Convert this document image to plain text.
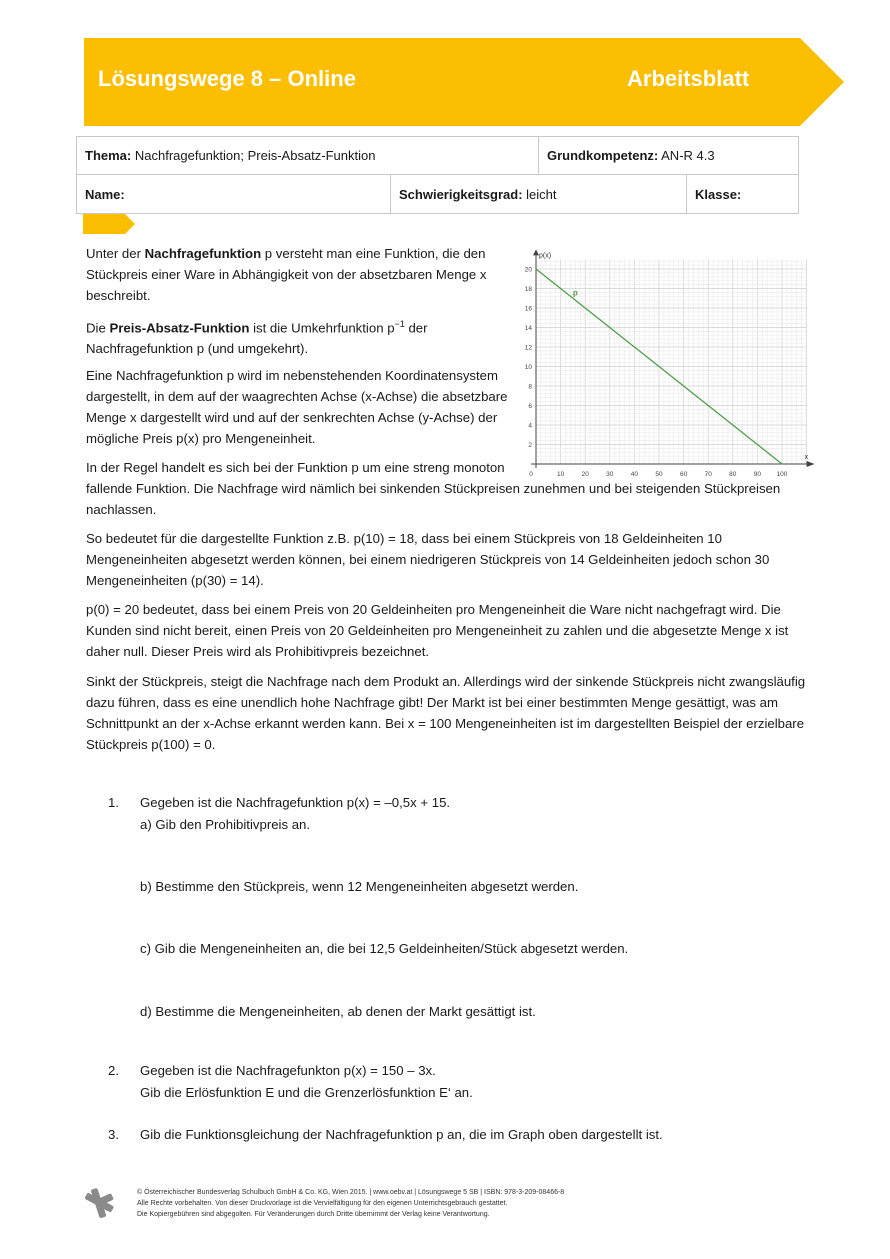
Lösungswege 8 – Online	Arbeitsblatt
Thema: Nachfragefunktion; Preis-Absatz-Funktion		Grundkompetenz: AN-R 4.3	
Name:	Schwierigkeitsgrad: leicht		Klasse:
Unter der Nachfragefunktion p versteht man eine Funktion, die den
Stückpreis einer Ware in Abhängigkeit von der absetzbaren Menge x
beschreibt.
Die Preis-Absatz-Funktion ist die Umkehrfunktion $p^{-1}$ der
Nachfragefunktion p (und umgekehrt).
Eine Nachfragefunktion p wird im nebenstehenden Koordinatensystem
dargestellt, in dem auf der waagrechten Achse (x-Achse) die absetzbare
Menge x dargestellt wird und auf der senkrechten Achse (y-Achse) der
mögliche Preis p(x) pro Mengeneinheit.
In der Regel handelt es sich bei der Funktion p um eine streng monoton
fallende Funktion. Die Nachfrage wird nämlich bei sinkenden Stückpreisen zunehmen und bei steigenden Stückpreisen
nachlassen.
So bedeutet für die dargestellte Funktion z.B. p(10) = 18, dass bei einem Stückpreis von 18 Geldeinheiten 10
Mengeneinheiten abgesetzt werden können, bei einem niedrigeren Stückpreis von 14 Geldeinheiten jedoch schon 30
Mengeneinheiten (p(30) = 14).
p(0) = 20 bedeutet, dass bei einem Preis von 20 Geldeinheiten pro Mengeneinheit die Ware nicht nachgefragt wird. Die
Kunden sind nicht bereit, einen Preis von 20 Geldeinheiten pro Mengeneinheit zu zahlen und die abgesetzte Menge x ist
daher null. Dieser Preis wird als Prohibitivpreis bezeichnet.
Sinkt der Stückpreis, steigt die Nachfrage nach dem Produkt an. Allerdings wird der sinkende Stückpreis nicht zwangsläufig
dazu führen, dass es eine unendlich hohe Nachfrage gibt! Der Markt ist bei einer bestimmten Menge gesättigt, was am
Schnittpunkt an der x-Achse erkannt werden kann. Bei x = 100 Mengeneinheiten ist im dargestellten Beispiel der erzielbare
Stückpreis p(100) = 0.
0	10	20	30	40	50	60	70	80	90 100
2
4
6
8
10
12
14
16
18
20
x
p(x)
p
1. Gegeben ist die Nachfragefunktion p(x) = –0,5x + 15.
a) Gib den Prohibitivpreis an.
b) Bestimme den Stückpreis, wenn 12 Mengeneinheiten abgesetzt werden.
c) Gib die Mengeneinheiten an, die bei 12,5 Geldeinheiten/Stück abgesetzt werden.
d) Bestimme die Mengeneinheiten, ab denen der Markt gesättigt ist.
2. Gegeben ist die Nachfragefunkton p(x) = 150 – 3x.
Gib die Erlösfunktion E und die Grenzerlösfunktion E‘ an.
3. Gib die Funktionsgleichung der Nachfragefunktion p an, die im Graph oben dargestellt ist.
© Österreichischer Bundesverlag Schulbuch GmbH & Co. KG, Wien 2015. | www.oebv.at | Lösungswege 5 SB | ISBN: 978-3-209-08466-8
Alle Rechte vorbehalten. Von dieser Druckvorlage ist die Vervielfältigung für den eigenen Unterrichtsgebrauch gestattet.
Die Kopiergebühren sind abgegolten. Für Veränderungen durch Dritte übernimmt der Verlag keine Verantwortung.
